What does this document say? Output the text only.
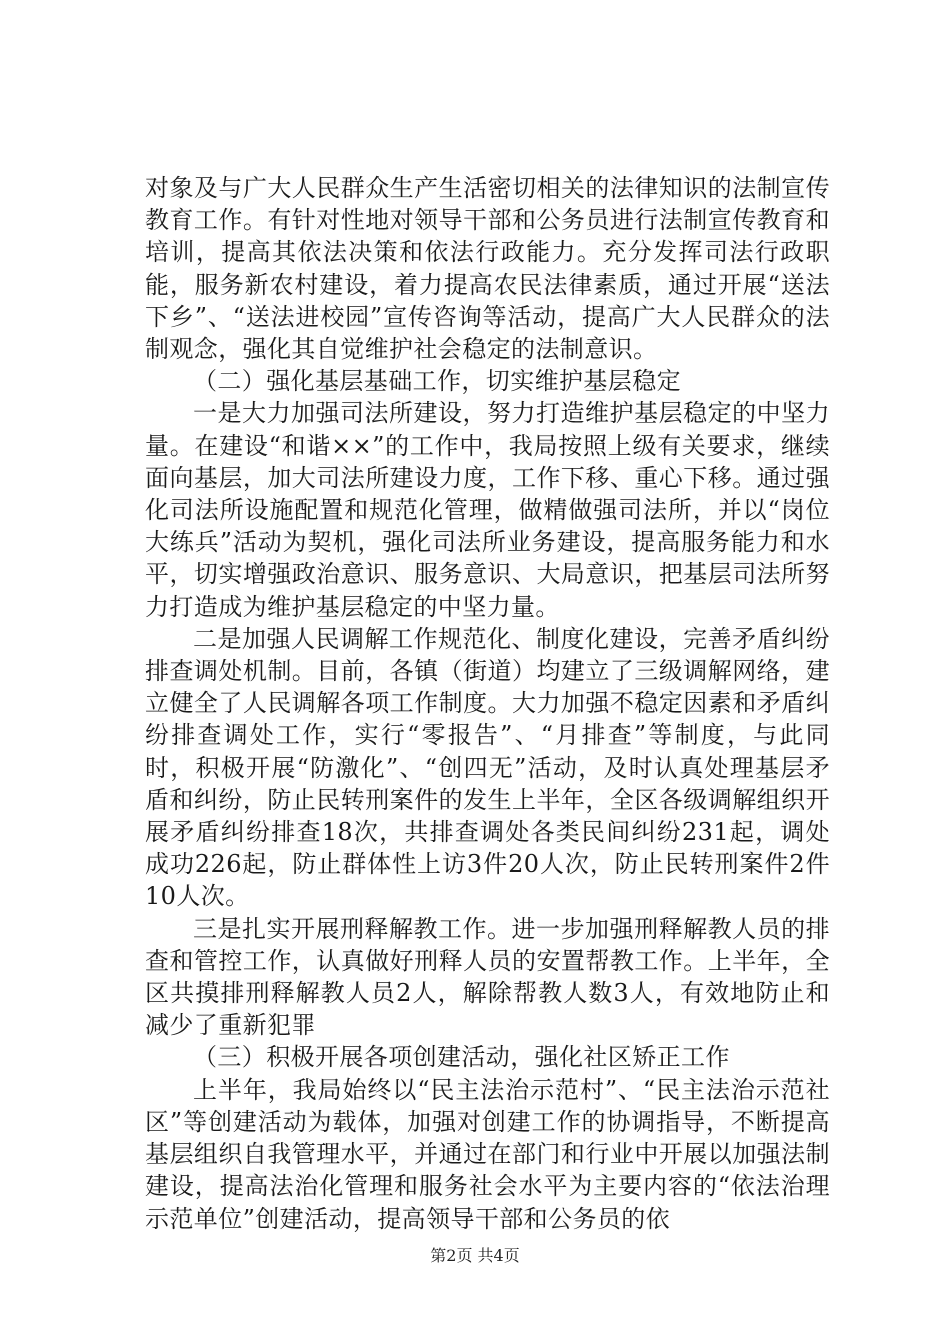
对象及与广大人民群众生产生活密切相关的法律知识的法制宣传教育工作。有针对性地对领导干部和公务员进行法制宣传教育和培训，提高其依法决策和依法行政能力。充分发挥司法行政职能，服务新农村建设，着力提高农民法律素质，通过开展“送法下乡”、“送法进校园”宣传咨询等活动，提高广大人民群众的法制观念，强化其自觉维护社会稳定的法制意识。

（二）强化基层基础工作，切实维护基层稳定

一是大力加强司法所建设，努力打造维护基层稳定的中坚力量。在建设“和谐××”的工作中，我局按照上级有关要求，继续面向基层，加大司法所建设力度，工作下移、重心下移。通过强化司法所设施配置和规范化管理，做精做强司法所，并以“岗位大练兵”活动为契机，强化司法所业务建设，提高服务能力和水平，切实增强政治意识、服务意识、大局意识，把基层司法所努力打造成为维护基层稳定的中坚力量。

二是加强人民调解工作规范化、制度化建设，完善矛盾纠纷排查调处机制。目前，各镇（街道）均建立了三级调解网络，建立健全了人民调解各项工作制度。大力加强不稳定因素和矛盾纠纷排查调处工作，实行“零报告”、“月排查”等制度，与此同时，积极开展“防激化”、“创四无”活动，及时认真处理基层矛盾和纠纷，防止民转刑案件的发生上半年，全区各级调解组织开展矛盾纠纷排查18次，共排查调处各类民间纠纷231起，调处成功226起，防止群体性上访3件20人次，防止民转刑案件2件10人次。

三是扎实开展刑释解教工作。进一步加强刑释解教人员的排查和管控工作，认真做好刑释人员的安置帮教工作。上半年，全区共摸排刑释解教人员2人，解除帮教人数3人，有效地防止和减少了重新犯罪

（三）积极开展各项创建活动，强化社区矫正工作

上半年，我局始终以“民主法治示范村”、“民主法治示范社区”等创建活动为载体，加强对创建工作的协调指导，不断提高基层组织自我管理水平，并通过在部门和行业中开展以加强法制建设，提高法治化管理和服务社会水平为主要内容的“依法治理示范单位”创建活动，提高领导干部和公务员的依

第2页 共4页
